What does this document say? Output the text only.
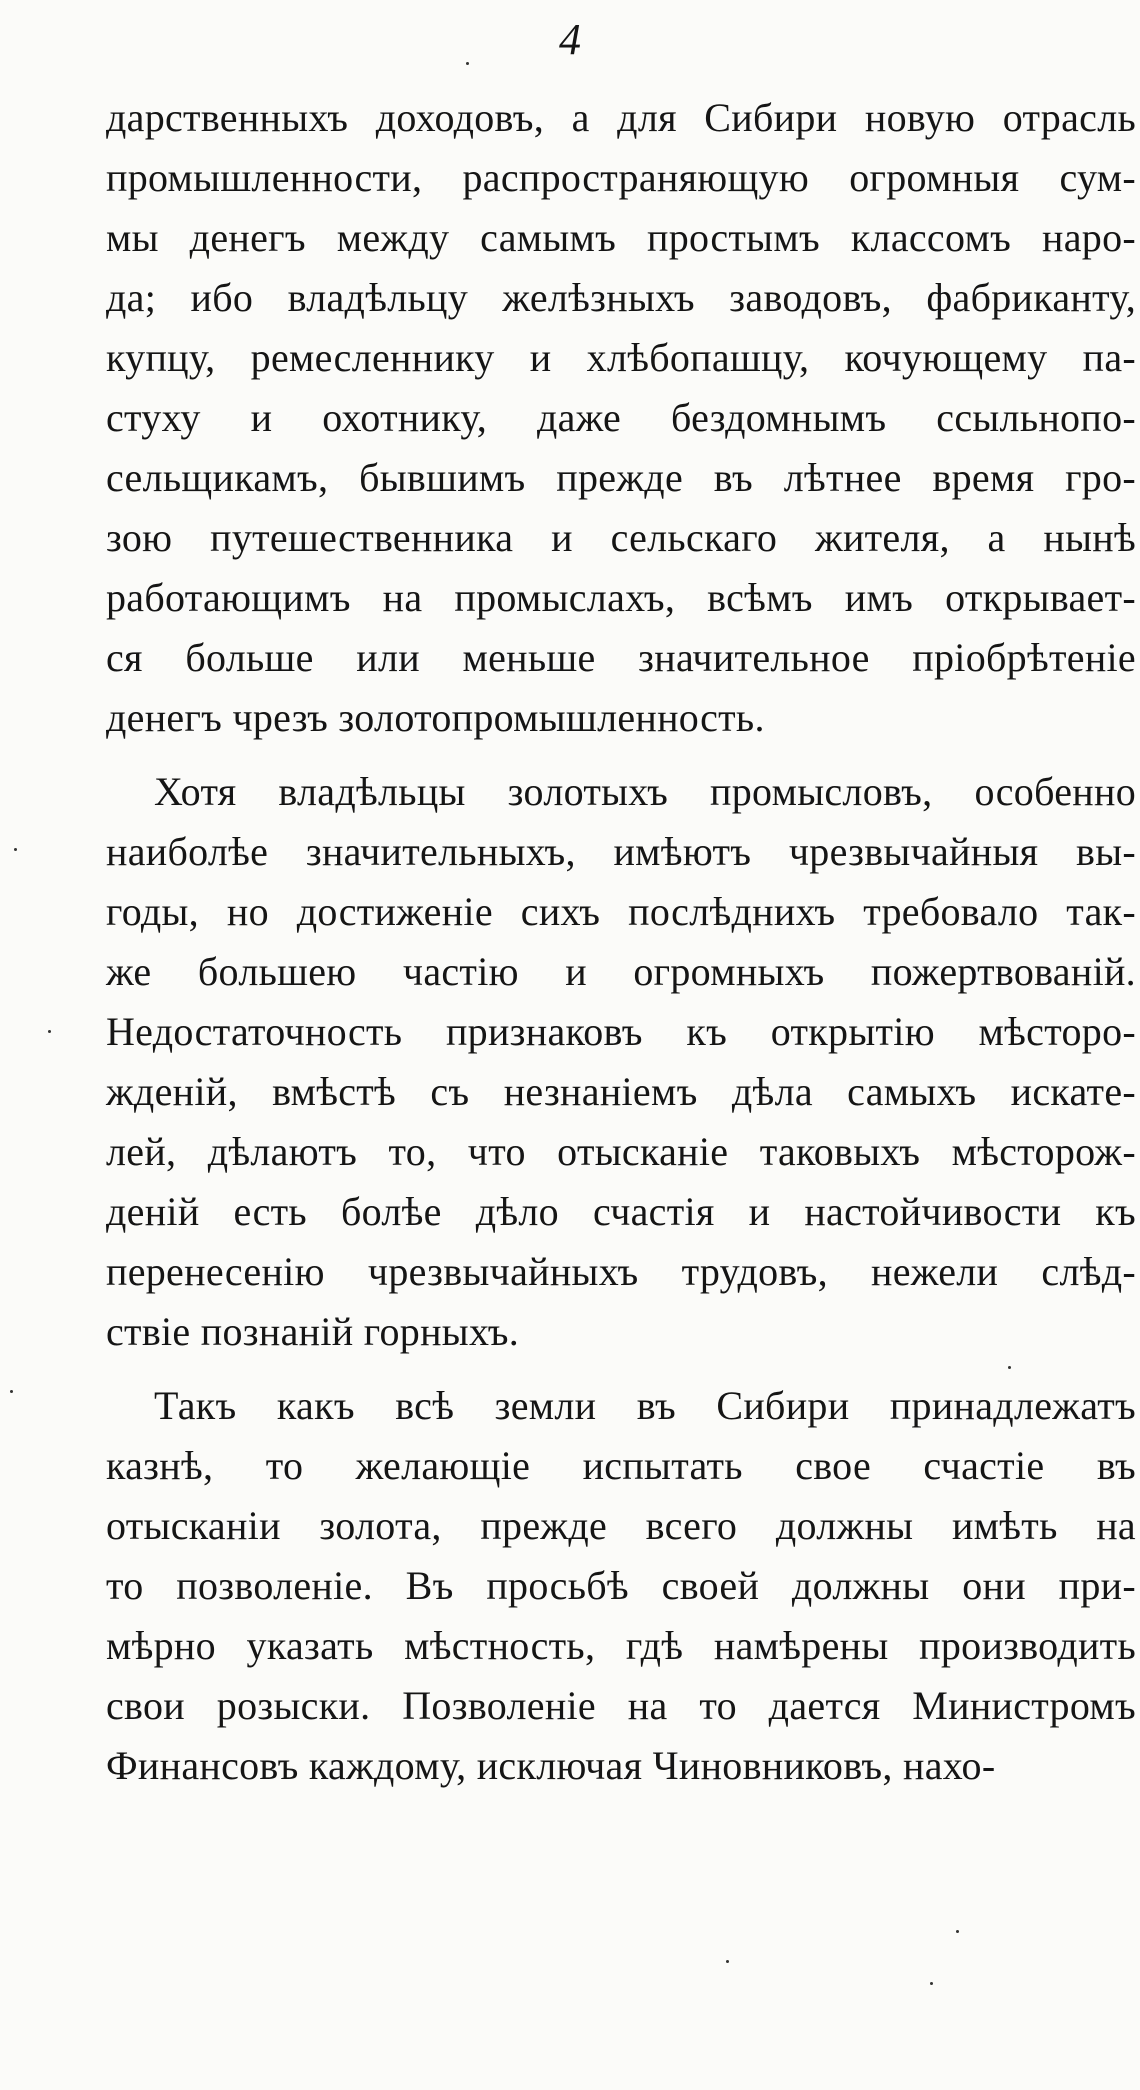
4
дарственныхъ доходовъ, а для Сибири новую отрасль
промышленности, распространяющую огромныя сум-
мы денегъ между самымъ простымъ классомъ наро-
да; ибо владѣльцу желѣзныхъ заводовъ, фабриканту,
купцу, ремесленнику и хлѣбопашцу, кочующему па-
стуху и охотнику, даже бездомнымъ ссыльнопо-
сельщикамъ, бывшимъ прежде въ лѣтнее время гро-
зою путешественника и сельскаго жителя, а нынѣ
работающимъ на промыслахъ, всѣмъ имъ открывает-
ся больше или меньше значительное пріобрѣтеніе
денегъ чрезъ золотопромышленность.
Хотя владѣльцы золотыхъ промысловъ, особенно
наиболѣе значительныхъ, имѣютъ чрезвычайныя вы-
годы, но достиженіе сихъ послѣднихъ требовало так-
же большею частію и огромныхъ пожертвованій.
Недостаточность признаковъ къ открытію мѣсторо-
жденій, вмѣстѣ съ незнаніемъ дѣла самыхъ искате-
лей, дѣлаютъ то, что отысканіе таковыхъ мѣсторож-
деній есть болѣе дѣло счастія и настойчивости къ
перенесенію чрезвычайныхъ трудовъ, нежели слѣд-
ствіе познаній горныхъ.
Такъ какъ всѣ земли въ Сибири принадлежатъ
казнѣ, то желающіе испытать свое счастіе въ
отысканіи золота, прежде всего должны имѣть на
то позволеніе. Въ просьбѣ своей должны они при-
мѣрно указать мѣстность, гдѣ намѣрены производить
свои розыски. Позволеніе на то дается Министромъ
Финансовъ каждому, исключая Чиновниковъ, нахо-
